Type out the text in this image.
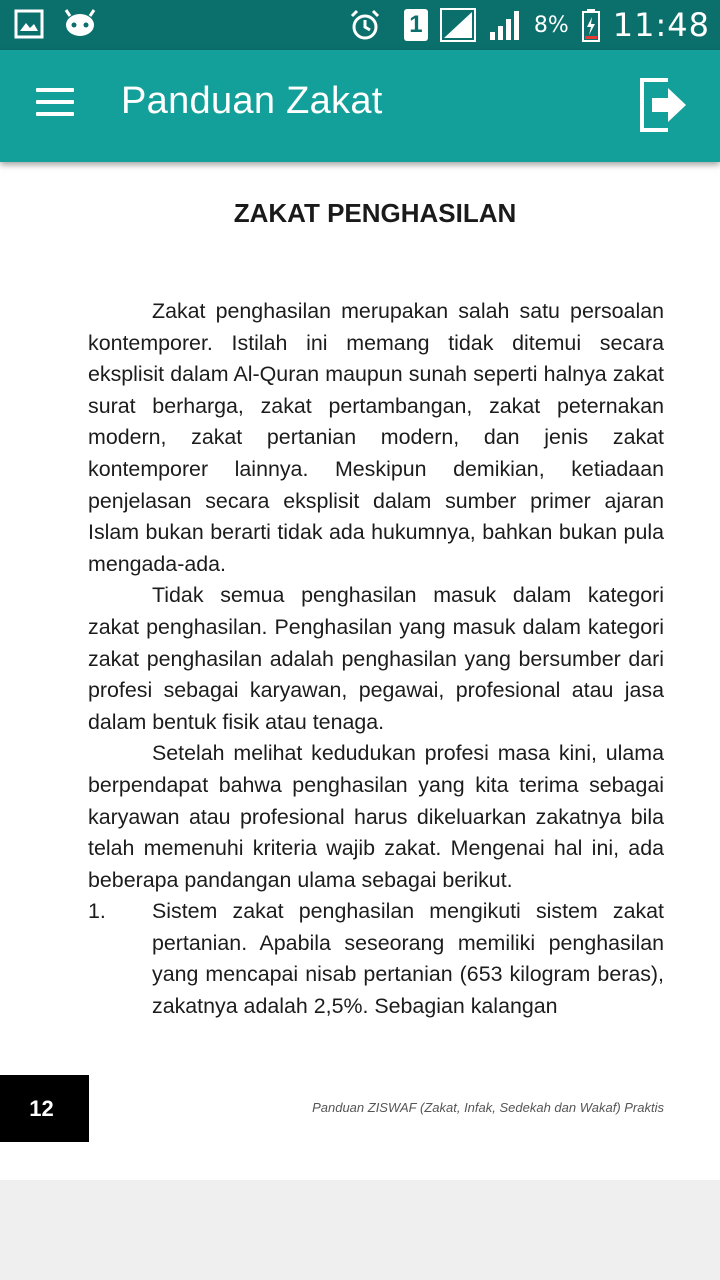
1	8% 11:48
Panduan Zakat
ZAKAT PENGHASILAN

Zakat penghasilan merupakan salah satu persoalan kontemporer. Istilah ini memang tidak ditemui secara eksplisit dalam Al-Quran maupun sunah seperti halnya zakat surat berharga, zakat pertambangan, zakat peternakan modern, zakat pertanian modern, dan jenis zakat kontemporer lainnya. Meskipun demikian, ketiadaan penjelasan secara eksplisit dalam sumber primer ajaran Islam bukan berarti tidak ada hukumnya, bahkan bukan pula mengada-ada.

Tidak semua penghasilan masuk dalam kategori zakat penghasilan. Penghasilan yang masuk dalam kategori zakat penghasilan adalah penghasilan yang bersumber dari profesi sebagai karyawan, pegawai, profesional atau jasa dalam bentuk fisik atau tenaga.

Setelah melihat kedudukan profesi masa kini, ulama berpendapat bahwa penghasilan yang kita terima sebagai karyawan atau profesional harus dikeluarkan zakatnya bila telah memenuhi kriteria wajib zakat. Mengenai hal ini, ada beberapa pandangan ulama sebagai berikut.

1.	Sistem zakat penghasilan mengikuti sistem zakat pertanian. Apabila seseorang memiliki penghasilan yang mencapai nisab pertanian (653 kilogram beras), zakatnya adalah 2,5%. Sebagian kalangan
12	Panduan ZISWAF (Zakat, Infak, Sedekah dan Wakaf) Praktis
